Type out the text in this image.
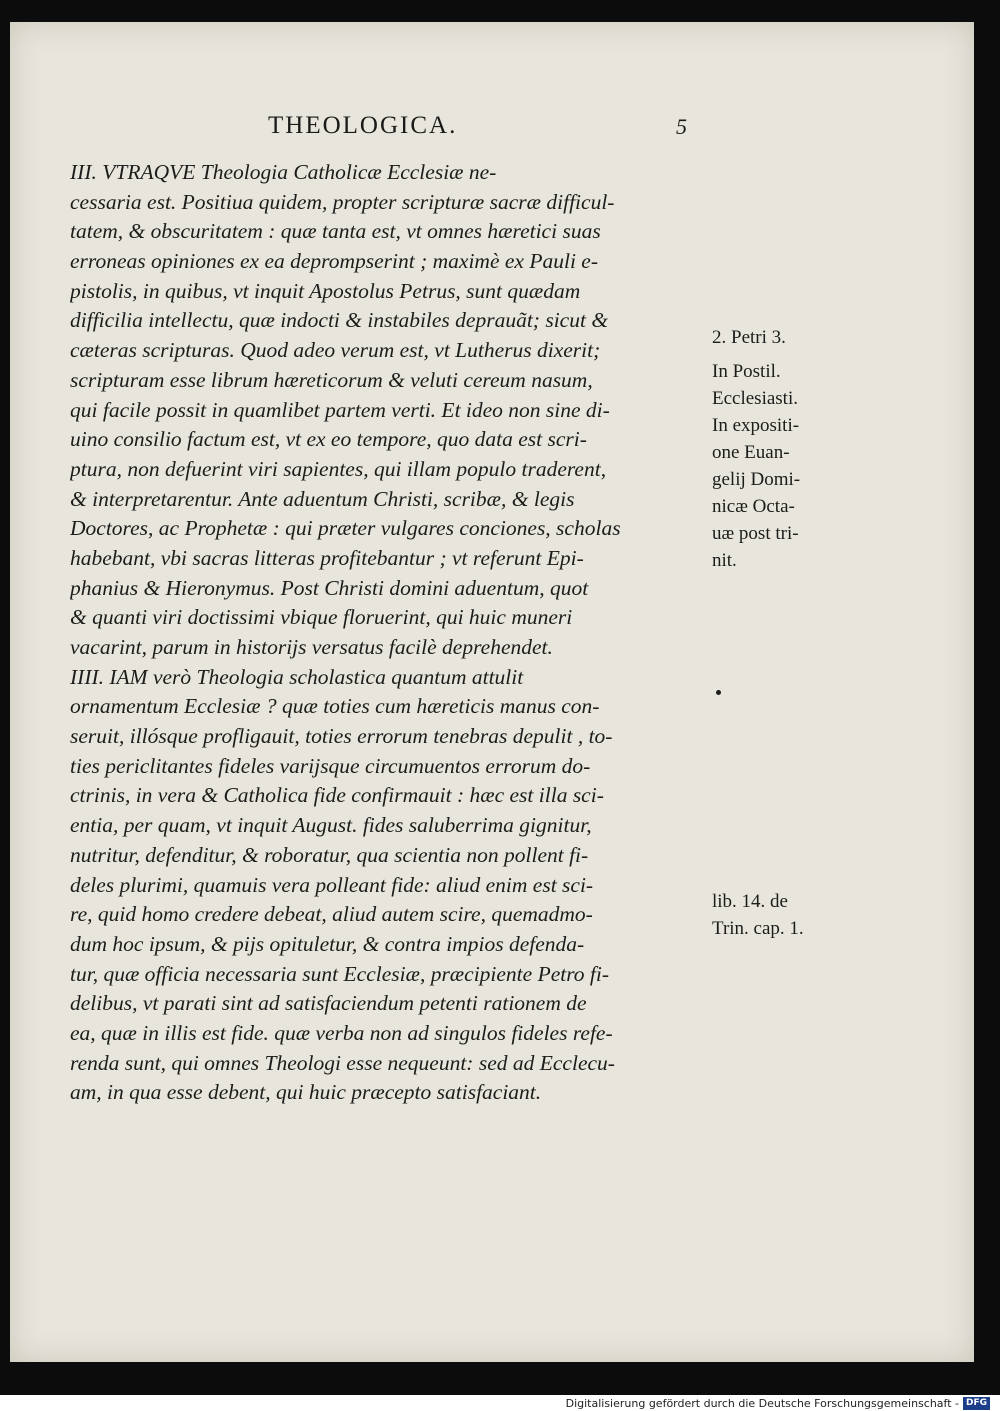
THEOLOGICA.	5
III. VTRAQVE Theologia Catholicæ Ecclesiæ ne-
cessaria est. Positiua quidem, propter scripturæ sacræ difficul-
tatem, & obscuritatem : quæ tanta est, vt omnes hæretici suas
erroneas opiniones ex ea deprompserint ; maximè ex Pauli e-
pistolis, in quibus, vt inquit Apostolus Petrus, sunt quædam
difficilia intellectu, quæ indocti & instabiles deprauãt; sicut &
cæteras scripturas. Quod adeo verum est, vt Lutherus dixerit;
scripturam esse librum hæreticorum & veluti cereum nasum,
qui facile possit in quamlibet partem verti. Et ideo non sine di-
uino consilio factum est, vt ex eo tempore, quo data est scri-
ptura, non defuerint viri sapientes, qui illam populo traderent,
& interpretarentur. Ante aduentum Christi, scribæ, & legis
Doctores, ac Prophetæ : qui præter vulgares conciones, scholas
habebant, vbi sacras litteras profitebantur ; vt referunt Epi-
phanius & Hieronymus. Post Christi domini aduentum, quot
& quanti viri doctissimi vbique floruerint, qui huic muneri
vacarint, parum in historijs versatus facilè deprehendet.
IIII. IAM verò Theologia scholastica quantum attulit
ornamentum Ecclesiæ ? quæ toties cum hæreticis manus con-
seruit, illósque profligauit, toties errorum tenebras depulit , to-
ties periclitantes fideles varijsque circumuentos errorum do-
ctrinis, in vera & Catholica fide confirmauit : hæc est illa sci-
entia, per quam, vt inquit August. fides saluberrima gignitur,
nutritur, defenditur, & roboratur, qua scientia non pollent fi-
deles plurimi, quamuis vera polleant fide: aliud enim est sci-
re, quid homo credere debeat, aliud autem scire, quemadmo-
dum hoc ipsum, & pijs opituletur, & contra impios defenda-
tur, quæ officia necessaria sunt Ecclesiæ, præcipiente Petro fi-
delibus, vt parati sint ad satisfaciendum petenti rationem de
ea, quæ in illis est fide. quæ verba non ad singulos fideles refe-
renda sunt, qui omnes Theologi esse nequeunt: sed ad Eccleси-
am, in qua esse debent, qui huic præcepto satisfaciant.
2. Petri 3.
In Postil.
Ecclesiasti.
In expositi-
one Euan-
gelij Domi-
nicæ Octa-
uæ post tri-
nit.
lib. 14. de
Trin. cap. 1.
Digitalisierung gefördert durch die Deutsche Forschungsgemeinschaft - DFG
